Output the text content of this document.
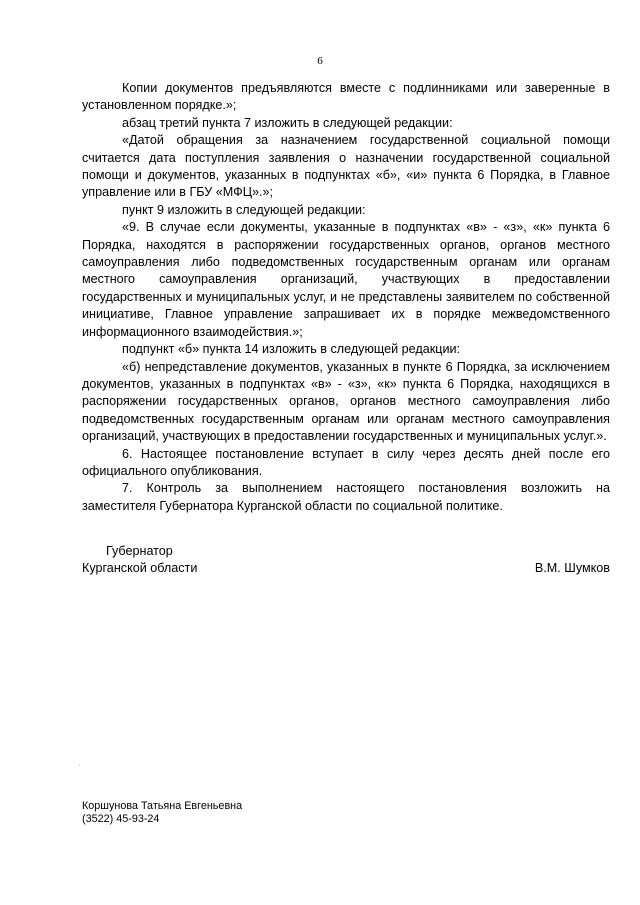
6

Копии документов предъявляются вместе с подлинниками или заверенные в установленном порядке.»;

абзац третий пункта 7 изложить в следующей редакции:

«Датой обращения за назначением государственной социальной помощи считается дата поступления заявления о назначении государственной социальной помощи и документов, указанных в подпунктах «б», «и» пункта 6 Порядка, в Главное управление или в ГБУ «МФЦ».»;

пункт 9 изложить в следующей редакции:

«9. В случае если документы, указанные в подпунктах «в» - «з», «к» пункта 6 Порядка, находятся в распоряжении государственных органов, органов местного самоуправления либо подведомственных государственным органам или органам местного самоуправления организаций, участвующих в предоставлении государственных и муниципальных услуг, и не представлены заявителем по собственной инициативе, Главное управление запрашивает их в порядке межведомственного информационного взаимодействия.»;

подпункт «б» пункта 14 изложить в следующей редакции:

«б) непредставление документов, указанных в пункте 6 Порядка, за исключением документов, указанных в подпунктах «в» - «з», «к» пункта 6 Порядка, находящихся в распоряжении государственных органов, органов местного самоуправления либо подведомственных государственным органам или органам местного самоуправления организаций, участвующих в предоставлении государственных и муниципальных услуг.».

6. Настоящее постановление вступает в силу через десять дней после его официального опубликования.

7. Контроль за выполнением настоящего постановления возложить на заместителя Губернатора Курганской области по социальной политике.

Губернатор
Курганской области	В.М. Шумков
Коршунова Татьяна Евгеньевна
(3522) 45-93-24
